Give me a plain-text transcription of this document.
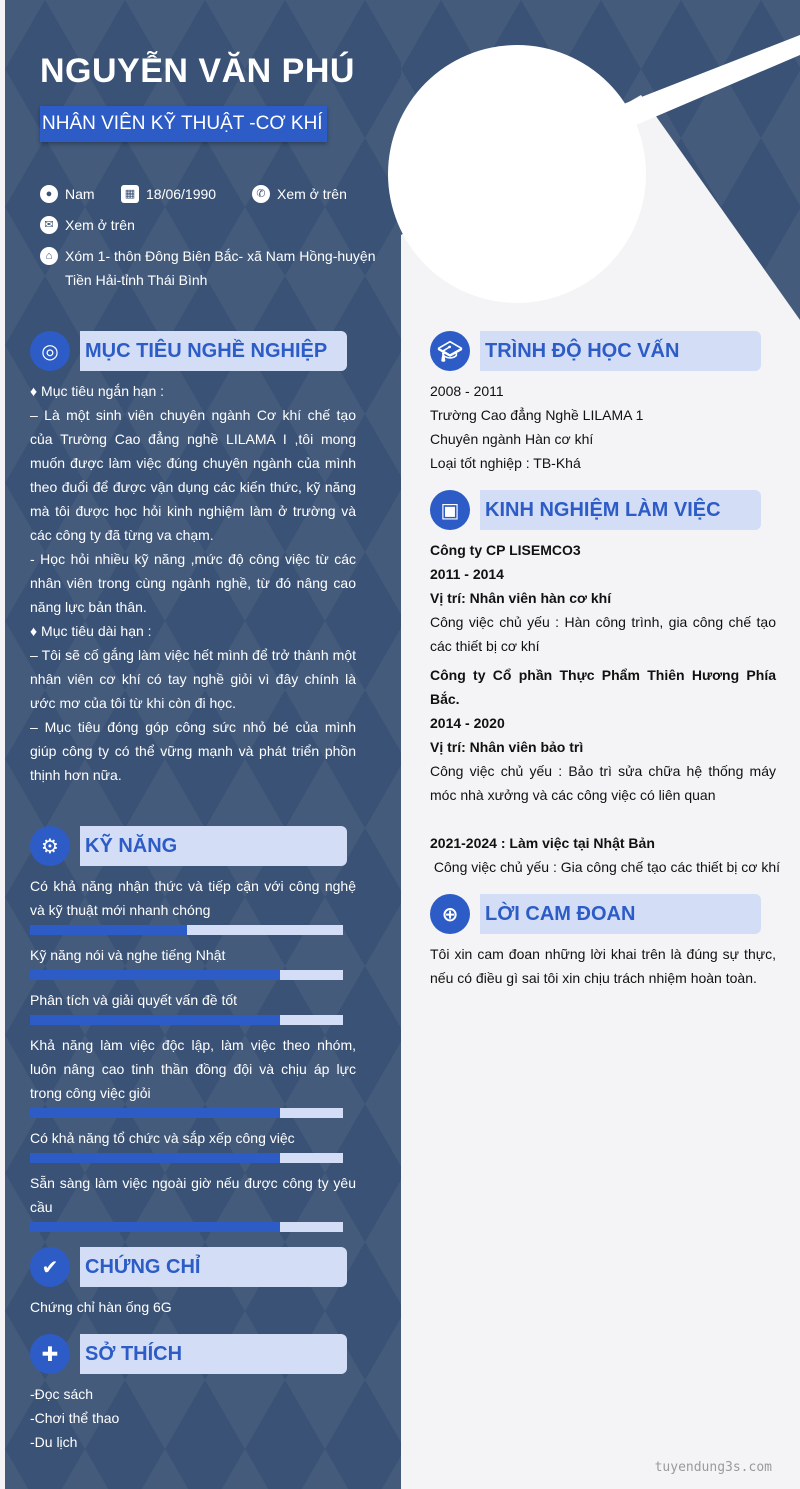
NGUYỄN VĂN PHÚ
NHÂN VIÊN KỸ THUẬT -CƠ KHÍ
● Nam	▦ 18/06/1990	✆ Xem ở trên
✉ Xem ở trên
⌂ Xóm 1- thôn Đông Biên Bắc- xã Nam Hồng-huyện
Tiền Hải-tỉnh Thái Bình
◎	MỤC TIÊU NGHỀ NGHIỆP

♦ Mục tiêu ngắn hạn :

– Là một sinh viên chuyên ngành Cơ khí chế tạo của Trường Cao đẳng nghề LILAMA I ,tôi mong muốn được làm việc đúng chuyên ngành của mình theo đuổi để được vận dụng các kiến thức, kỹ năng mà tôi được học hỏi kinh nghiệm làm ở trường và các công ty đã từng va chạm.

- Học hỏi nhiều kỹ năng ,mức độ công việc từ các nhân viên trong cùng ngành nghề, từ đó nâng cao năng lực bản thân.

♦ Mục tiêu dài hạn :

– Tôi sẽ cố gắng làm việc hết mình để trở thành một nhân viên cơ khí có tay nghề giỏi vì đây chính là ước mơ của tôi từ khi còn đi học.

– Mục tiêu đóng góp công sức nhỏ bé của mình giúp công ty có thể vững mạnh và phát triển phồn thịnh hơn nữa.

⚙	KỸ NĂNG
Có khả năng nhận thức và tiếp cận với công nghệ và kỹ thuật mới nhanh chóng
Kỹ năng nói và nghe tiếng Nhật
Phân tích và giải quyết vấn đề tốt
Khả năng làm việc độc lập, làm việc theo nhóm, luôn nâng cao tinh thần đồng đội và chịu áp lực trong công việc giỏi
Có khả năng tổ chức và sắp xếp công việc
Sẵn sàng làm việc ngoài giờ nếu được công ty yêu cầu
✔	CHỨNG CHỈ

Chứng chỉ hàn ống 6G

✚	SỞ THÍCH

-Đọc sách

-Chơi thể thao

-Du lịch

🎓︎	TRÌNH ĐỘ HỌC VẤN

2008 - 2011

Trường Cao đẳng Nghề LILAMA 1

Chuyên ngành Hàn cơ khí

Loại tốt nghiệp : TB-Khá

▣	KINH NGHIỆM LÀM VIỆC

Công ty CP LISEMCO3

2011 - 2014

Vị trí: Nhân viên hàn cơ khí

Công việc chủ yếu : Hàn công trình, gia công chế tạo các thiết bị cơ khí

Công ty Cổ phần Thực Phẩm Thiên Hương Phía Bắc.

2014 - 2020

Vị trí: Nhân viên bảo trì

Công việc chủ yếu : Bảo trì sửa chữa hệ thống máy móc nhà xưởng và các công việc có liên quan

2021-2024 : Làm việc tại Nhật Bản

Công việc chủ yếu : Gia công chế tạo các thiết bị cơ khí

⊕	LỜI CAM ĐOAN

Tôi xin cam đoan những lời khai trên là đúng sự thực, nếu có điều gì sai tôi xin chịu trách nhiệm hoàn toàn.

tuyendung3s.com
